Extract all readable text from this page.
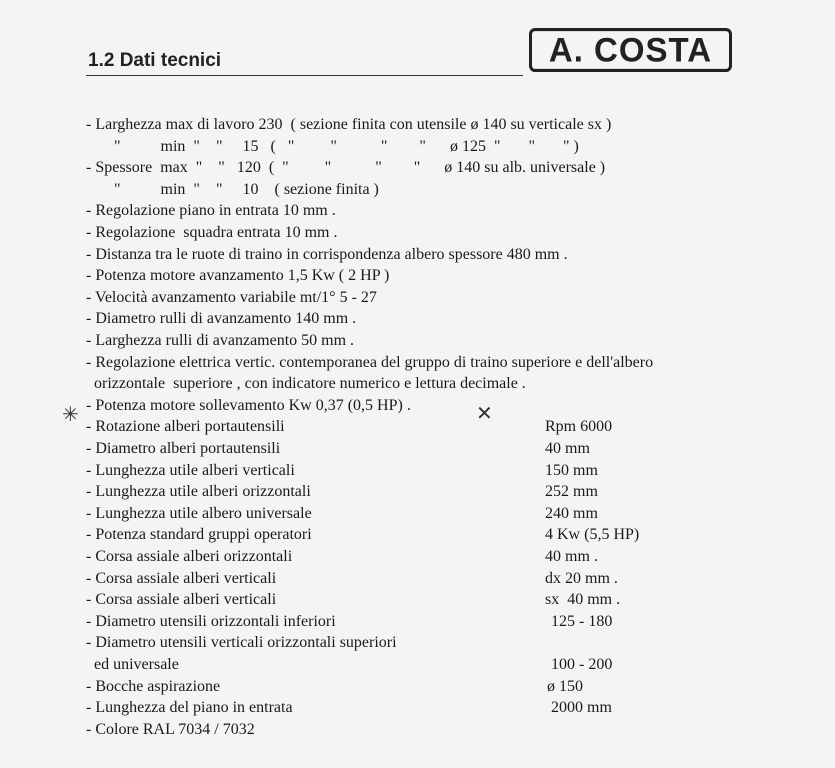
1.2 Dati tecnici	A. COSTA
- Larghezza max di lavoro 230  ( sezione finita con utensile ø 140 su verticale sx )
"          min  "    "     15   (   "         "           "        "      ø 125  "       "       " )
- Spessore  max  "    "   120  (  "         "           "        "      ø 140 su alb. universale )
"          min  "    "     10    ( sezione finita )
- Regolazione piano in entrata 10 mm .
- Regolazione  squadra entrata 10 mm .
- Distanza tra le ruote di traino in corrispondenza albero spessore 480 mm .
- Potenza motore avanzamento 1,5 Kw ( 2 HP )
- Velocità avanzamento variabile mt/1° 5 - 27
- Diametro rulli di avanzamento 140 mm .
- Larghezza rulli di avanzamento 50 mm .
- Regolazione elettrica vertic. contemporanea del gruppo di traino superiore e dell'albero
orizzontale  superiore , con indicatore numerico e lettura decimale .
- Potenza motore sollevamento Kw 0,37 (0,5 HP) .
- Rotazione alberi portautensili	Rpm 6000
- Diametro alberi portautensili	40 mm
- Lunghezza utile alberi verticali	150 mm
- Lunghezza utile alberi orizzontali	252 mm
- Lunghezza utile albero universale	240 mm
- Potenza standard gruppi operatori	4 Kw (5,5 HP)
- Corsa assiale alberi orizzontali	40 mm .
- Corsa assiale alberi verticali	dx 20 mm .
- Corsa assiale alberi verticali	sx  40 mm .
- Diametro utensili orizzontali inferiori	125 - 180
- Diametro utensili verticali orizzontali superiori
ed universale	100 - 200
- Bocche aspirazione	ø 150
- Lunghezza del piano in entrata	2000 mm
- Colore RAL 7034 / 7032
✳	✕
